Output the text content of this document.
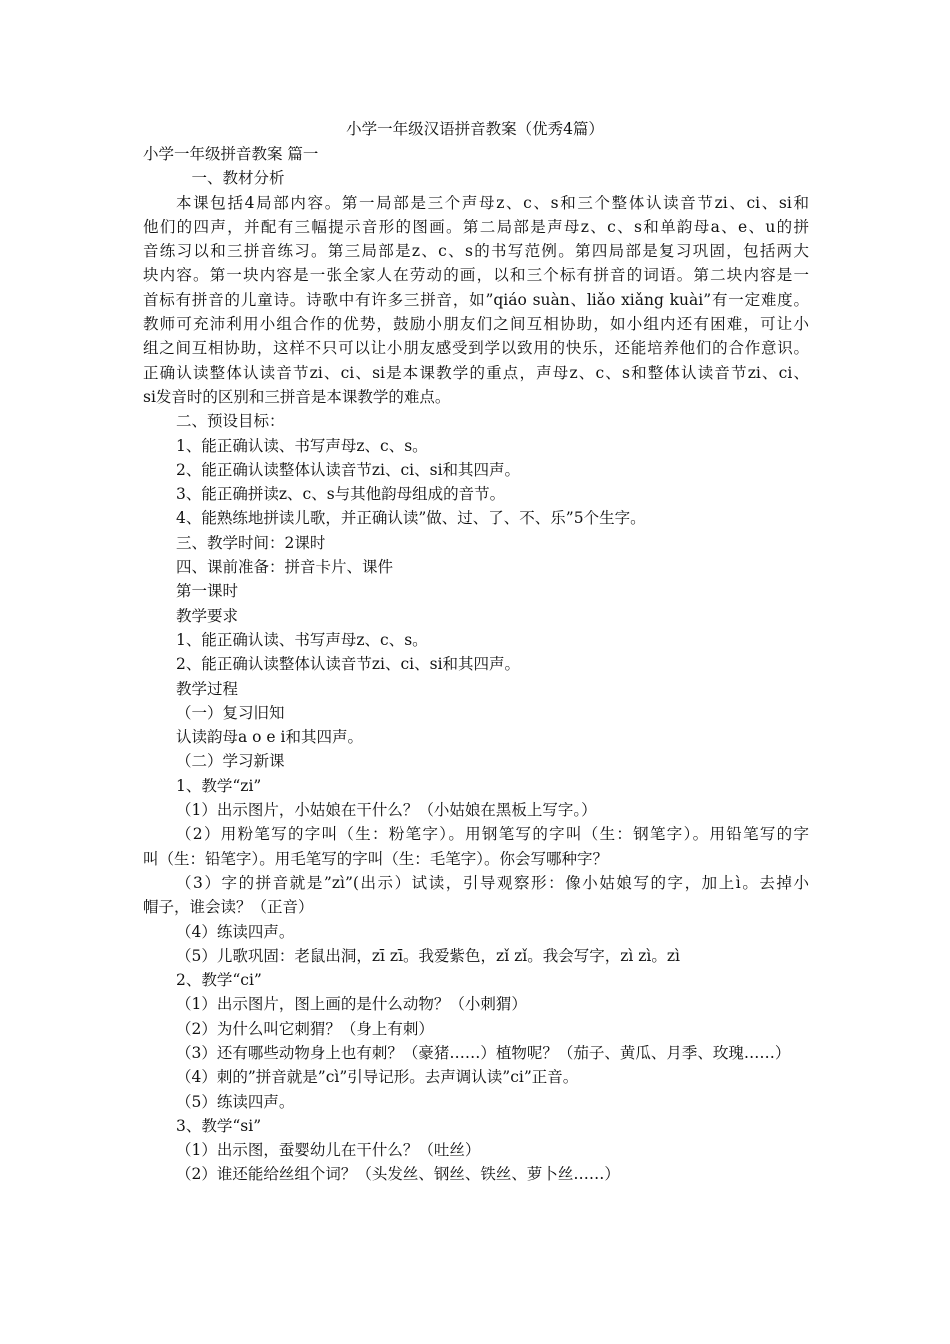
小学一年级汉语拼音教案（优秀4篇）
小学一年级拼音教案 篇一
　一、教材分析
本课包括4局部内容。第一局部是三个声母z、c、s和三个整体认读音节zi、ci、si和
他们的四声，并配有三幅提示音形的图画。第二局部是声母z、c、s和单韵母a、e、u的拼
音练习以和三拼音练习。第三局部是z、c、s的书写范例。第四局部是复习巩固，包括两大
块内容。第一块内容是一张全家人在劳动的画，以和三个标有拼音的词语。第二块内容是一
首标有拼音的儿童诗。诗歌中有许多三拼音，如”qiáo suàn、liǎo xiǎng kuài”有一定难度。
教师可充沛利用小组合作的优势，鼓励小朋友们之间互相协助，如小组内还有困难，可让小
组之间互相协助，这样不只可以让小朋友感受到学以致用的快乐，还能培养他们的合作意识。
正确认读整体认读音节zi、ci、si是本课教学的重点，声母z、c、s和整体认读音节zi、ci、
si发音时的区别和三拼音是本课教学的难点。
二、预设目标：
1、能正确认读、书写声母z、c、s。
2、能正确认读整体认读音节zi、ci、si和其四声。
3、能正确拼读z、c、s与其他韵母组成的音节。
4、能熟练地拼读儿歌，并正确认读”做、过、了、不、乐”5个生字。
三、教学时间：2课时
四、课前准备：拼音卡片、课件
第一课时
教学要求
1、能正确认读、书写声母z、c、s。
2、能正确认读整体认读音节zi、ci、si和其四声。
教学过程
（一）复习旧知
认读韵母a o e i和其四声。
（二）学习新课
1、教学“zi”
（1）出示图片，小姑娘在干什么？（小姑娘在黑板上写字。）
（2）用粉笔写的字叫（生：粉笔字）。用钢笔写的字叫（生：钢笔字）。用铅笔写的字
叫（生：铅笔字）。用毛笔写的字叫（生：毛笔字）。你会写哪种字？
（3）字的拼音就是”zì”(出示）试读，引导观察形：像小姑娘写的字，加上ì。去掉小
帽子，谁会读？（正音）
（4）练读四声。
（5）儿歌巩固：老鼠出洞，zī zī。我爱紫色，zǐ zǐ。我会写字，zì zì。zì
2、教学“ci”
（1）出示图片，图上画的是什么动物？（小刺猬）
（2）为什么叫它刺猬？（身上有刺）
（3）还有哪些动物身上也有刺？（豪猪……）植物呢？（茄子、黄瓜、月季、玫瑰……）
（4）刺的”拼音就是”cì”引导记形。去声调认读”ci”正音。
（5）练读四声。
3、教学“si”
（1）出示图，蚕婴幼儿在干什么？（吐丝）
（2）谁还能给丝组个词？（头发丝、钢丝、铁丝、萝卜丝……）
